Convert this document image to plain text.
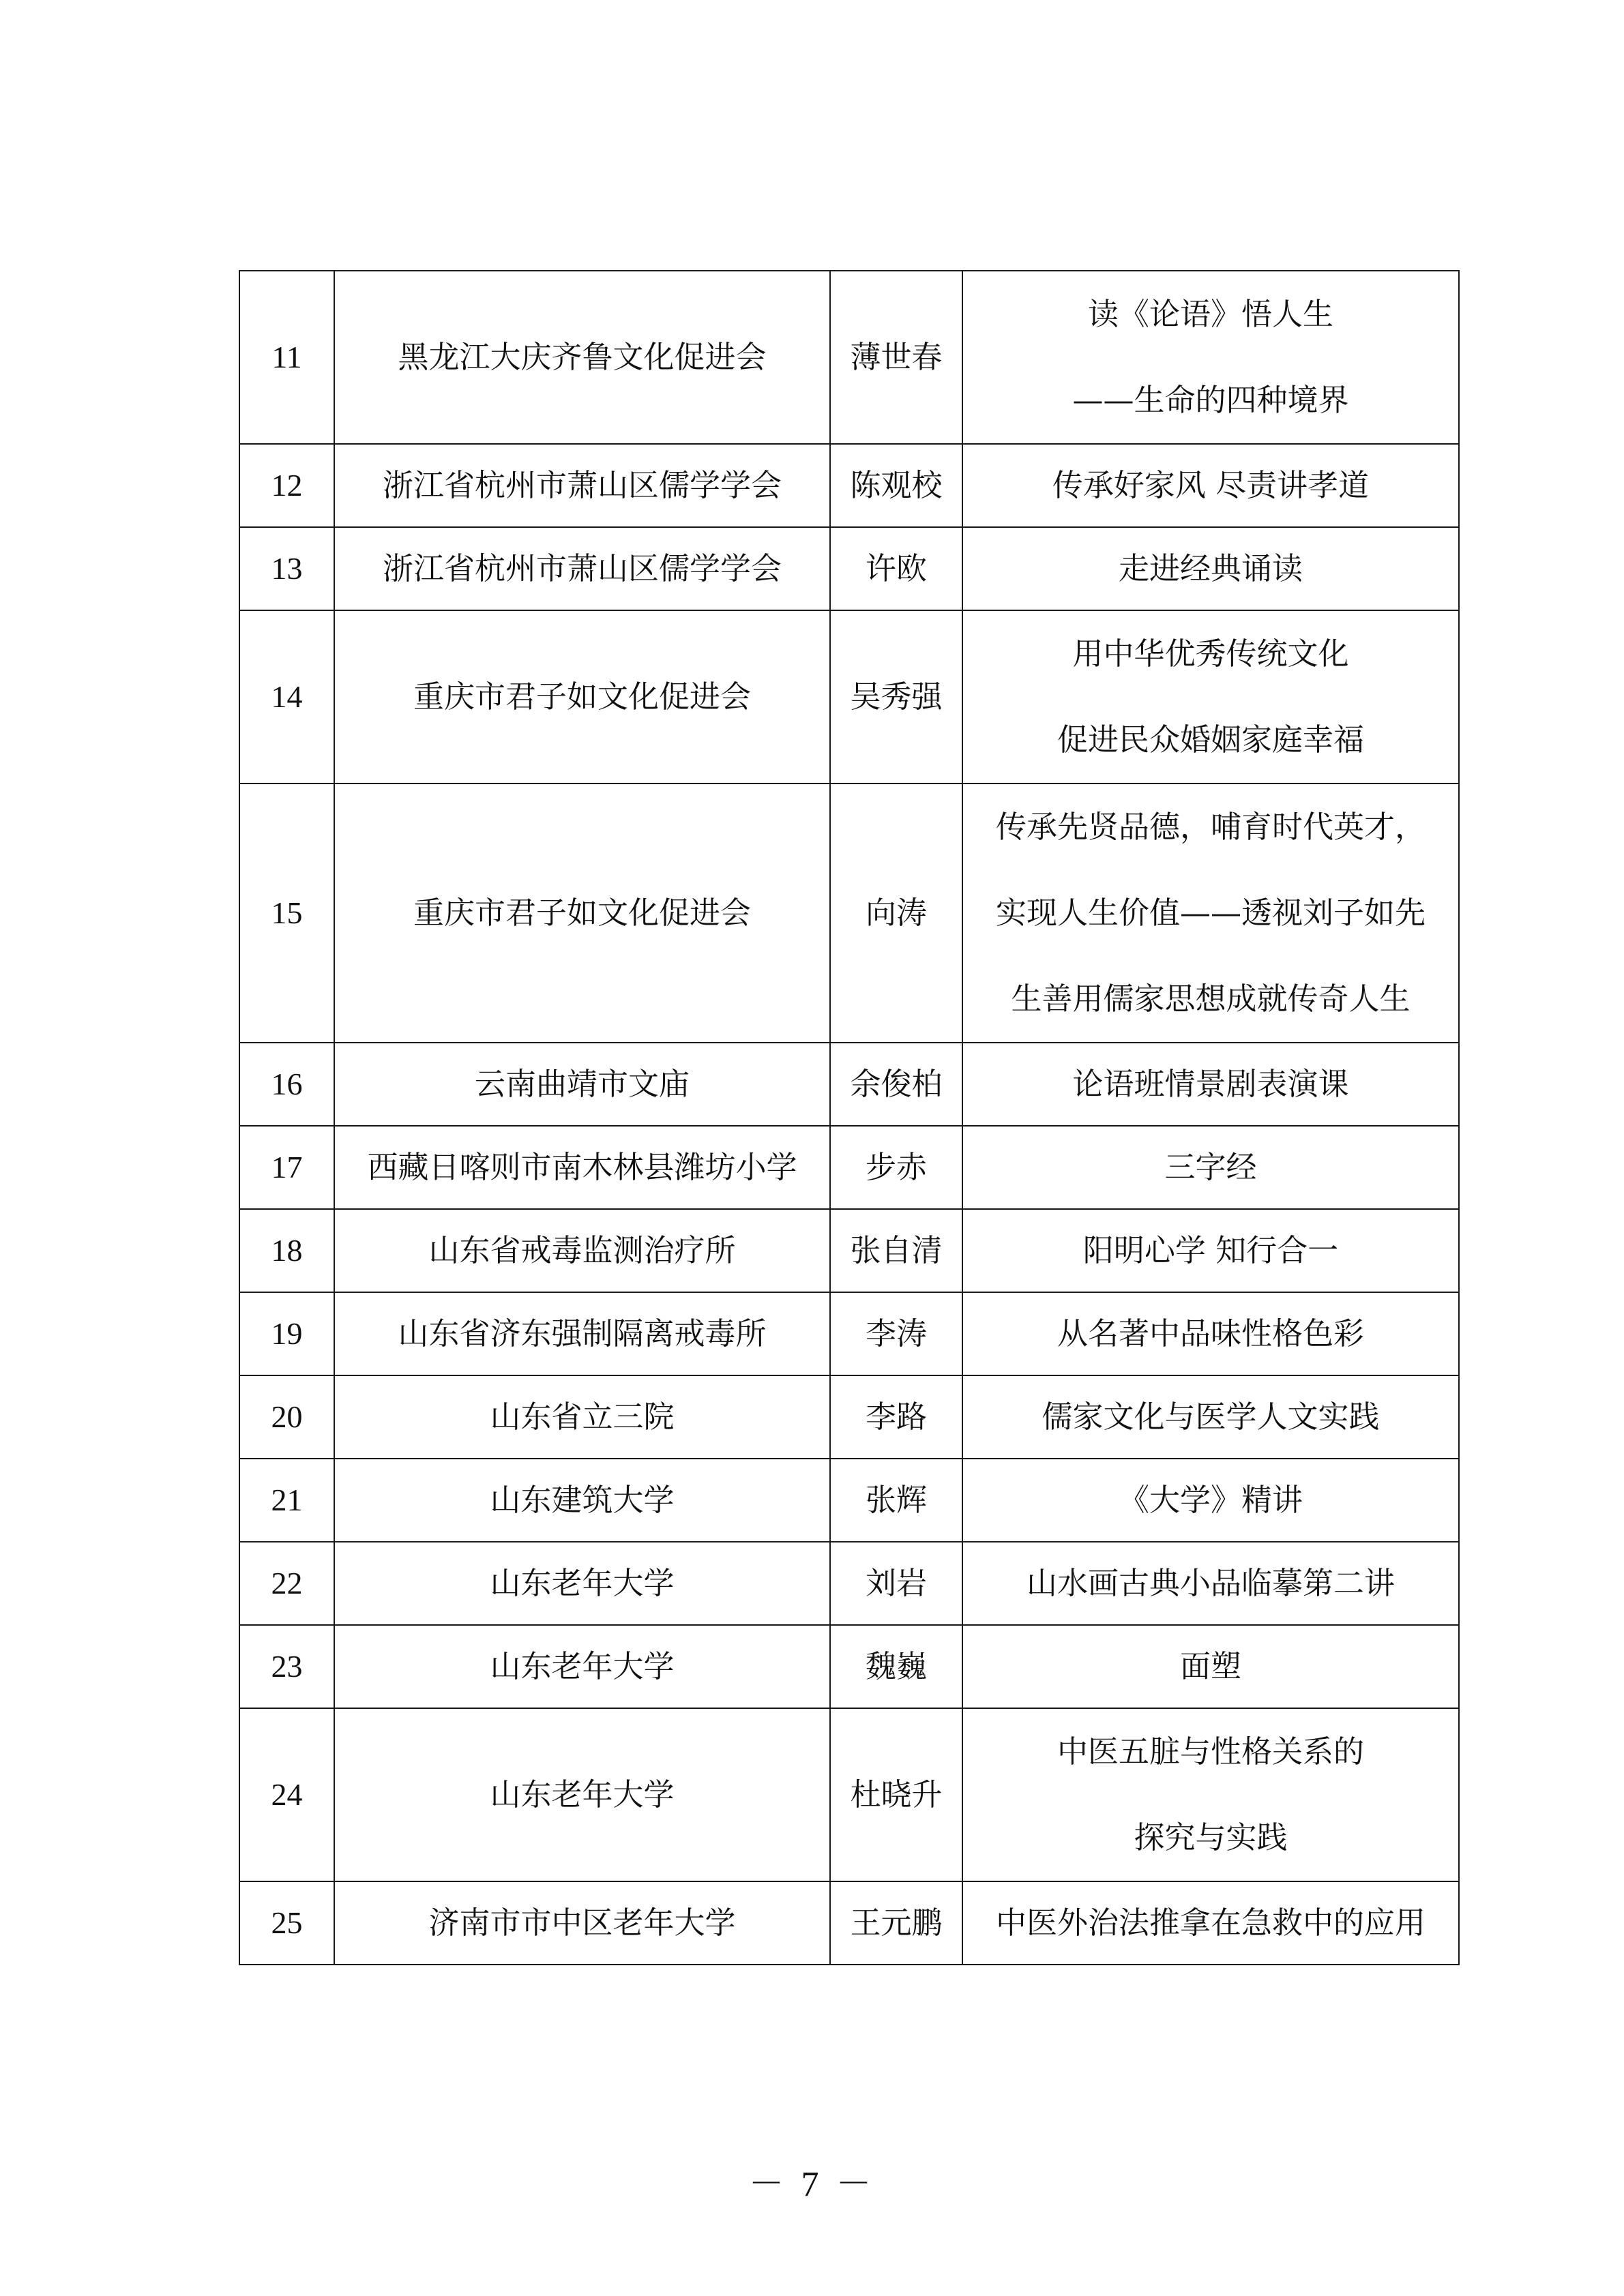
11	黑龙江大庆齐鲁文化促进会	薄世春	读《论语》悟人生
——生命的四种境界

12	浙江省杭州市萧山区儒学学会	陈观校	传承好家风 尽责讲孝道
13	浙江省杭州市萧山区儒学学会	许欧	走进经典诵读
14	重庆市君子如文化促进会	吴秀强	用中华优秀传统文化
促进民众婚姻家庭幸福

15	重庆市君子如文化促进会	向涛	传承先贤品德，哺育时代英才，
实现人生价值——透视刘子如先
生善用儒家思想成就传奇人生

16	云南曲靖市文庙	余俊柏	论语班情景剧表演课
17	西藏日喀则市南木林县潍坊小学	步赤	三字经
18	山东省戒毒监测治疗所	张自清	阳明心学 知行合一
19	山东省济东强制隔离戒毒所	李涛	从名著中品味性格色彩
20	山东省立三院	李路	儒家文化与医学人文实践
21	山东建筑大学	张辉	《大学》精讲
22	山东老年大学	刘岩	山水画古典小品临摹第二讲
23	山东老年大学	魏巍	面塑
24	山东老年大学	杜晓升	中医五脏与性格关系的
探究与实践

25	济南市市中区老年大学	王元鹏	中医外治法推拿在急救中的应用
－ 7 －
